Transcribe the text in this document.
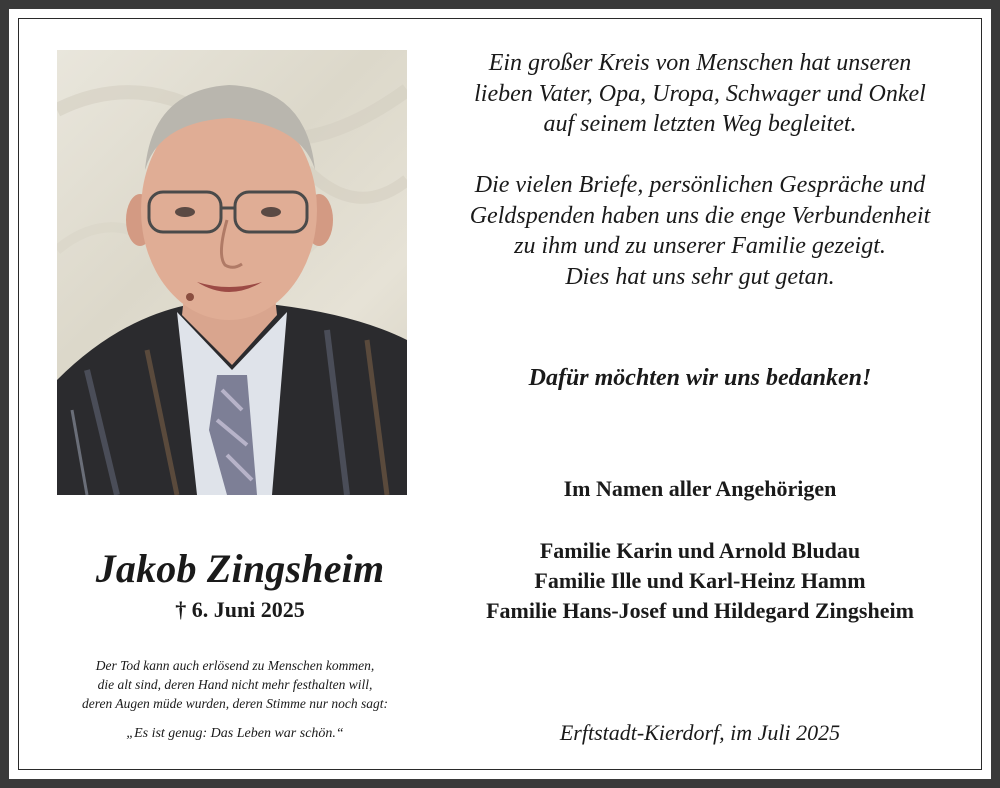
Jakob Zingsheim
† 6. Juni 2025
Der Tod kann auch erlösend zu Menschen kommen,
die alt sind, deren Hand nicht mehr festhalten will,
deren Augen müde wurden, deren Stimme nur noch sagt:
„Es ist genug: Das Leben war schön.“
Ein großer Kreis von Menschen hat unseren
lieben Vater, Opa, Uropa, Schwager und Onkel
auf seinem letzten Weg begleitet.
Die vielen Briefe, persönlichen Gespräche und
Geldspenden haben uns die enge Verbundenheit
zu ihm und zu unserer Familie gezeigt.
Dies hat uns sehr gut getan.
Dafür möchten wir uns bedanken!
Im Namen aller Angehörigen
Familie Karin und Arnold Bludau
Familie Ille und Karl-Heinz Hamm
Familie Hans-Josef und Hildegard Zingsheim
Erftstadt-Kierdorf, im Juli 2025
